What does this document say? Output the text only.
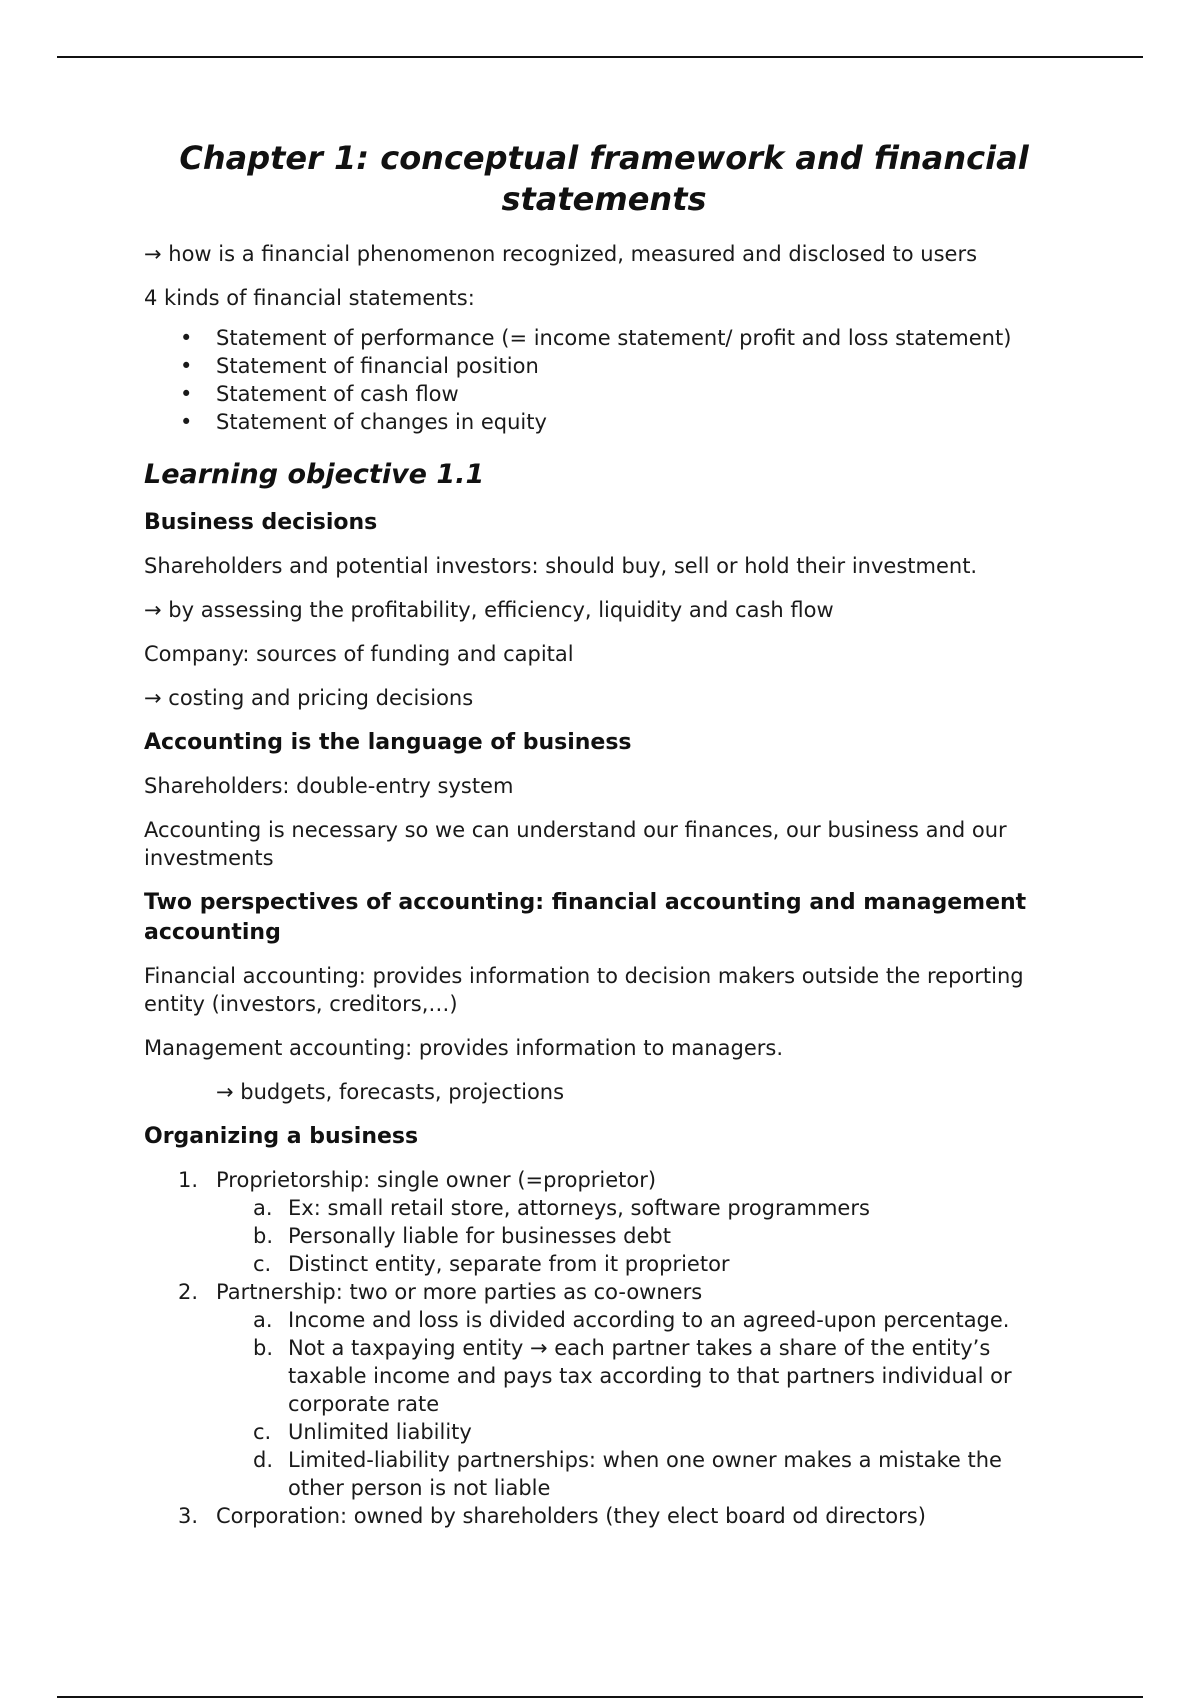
Chapter 1: conceptual framework and financial statements

→ how is a financial phenomenon recognized, measured and disclosed to users

4 kinds of financial statements:

• Statement of performance (= income statement/ profit and loss statement)
• Statement of financial position
• Statement of cash flow
• Statement of changes in equity
Learning objective 1.1
Business decisions

Shareholders and potential investors: should buy, sell or hold their investment.

→ by assessing the profitability, efficiency, liquidity and cash flow

Company: sources of funding and capital

→ costing and pricing decisions

Accounting is the language of business

Shareholders: double-entry system

Accounting is necessary so we can understand our finances, our business and our investments

Two perspectives of accounting: financial accounting and management accounting

Financial accounting: provides information to decision makers outside the reporting entity (investors, creditors,…)

Management accounting: provides information to managers.

→ budgets, forecasts, projections

Organizing a business
1. Proprietorship: single owner (=proprietor)
a. Ex: small retail store, attorneys, software programmers
b. Personally liable for businesses debt
c. Distinct entity, separate from it proprietor
2. Partnership: two or more parties as co-owners
a. Income and loss is divided according to an agreed-upon percentage.
b. Not a taxpaying entity → each partner takes a share of the entity’s taxable income and pays tax according to that partners individual or corporate rate
c. Unlimited liability
d. Limited-liability partnerships: when one owner makes a mistake the other person is not liable
3. Corporation: owned by shareholders (they elect board od directors)
